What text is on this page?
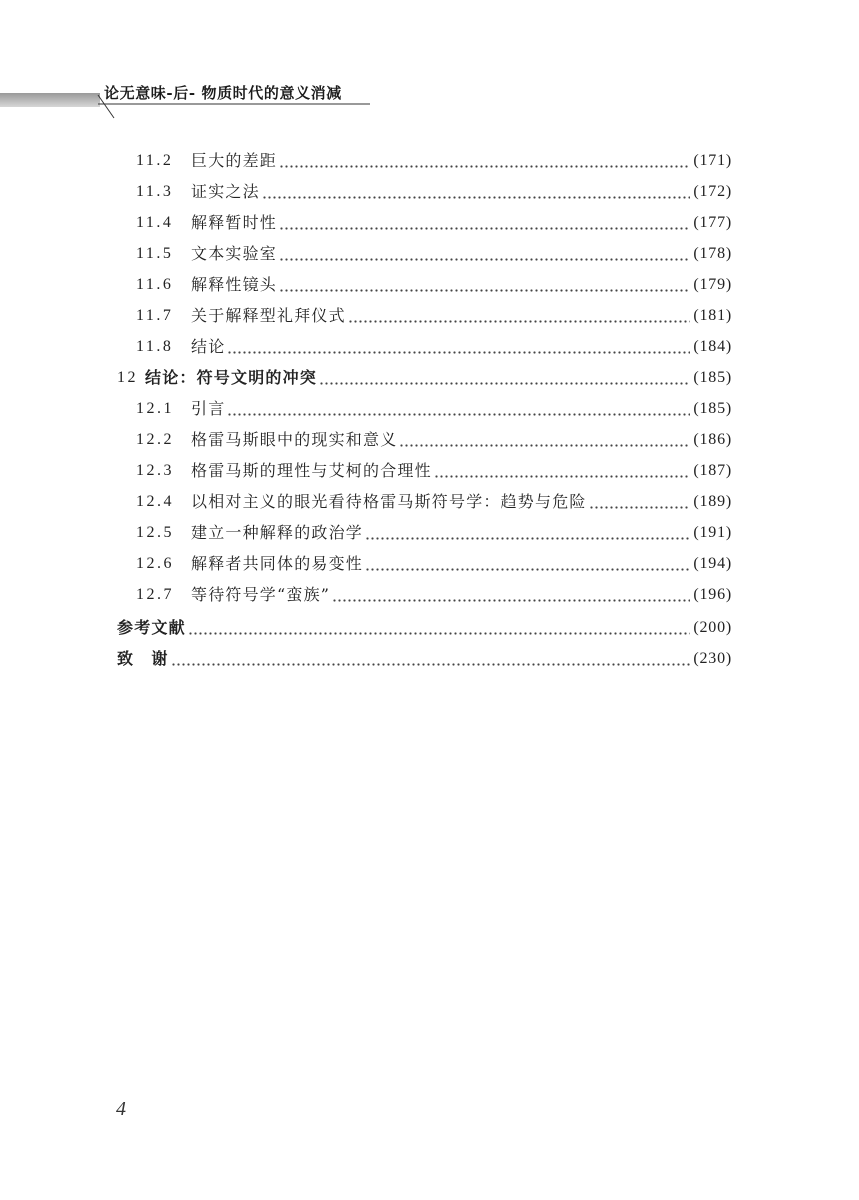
论无意味-后- 物质时代的意义消减
11.2	巨大的差距	(171)
11.3	证实之法	(172)
11.4	解释暂时性	(177)
11.5	文本实验室	(178)
11.6	解释性镜头	(179)
11.7	关于解释型礼拜仪式	(181)
11.8	结论	(184)
12 结论：符号文明的冲突	(185)
12.1	引言	(185)
12.2	格雷马斯眼中的现实和意义	(186)
12.3	格雷马斯的理性与艾柯的合理性	(187)
12.4	以相对主义的眼光看待格雷马斯符号学：趋势与危险	(189)
12.5	建立一种解释的政治学	(191)
12.6	解释者共同体的易变性	(194)
12.7	等待符号学“蛮族”	(196)
参考文献	(200)
致　谢	(230)
4
